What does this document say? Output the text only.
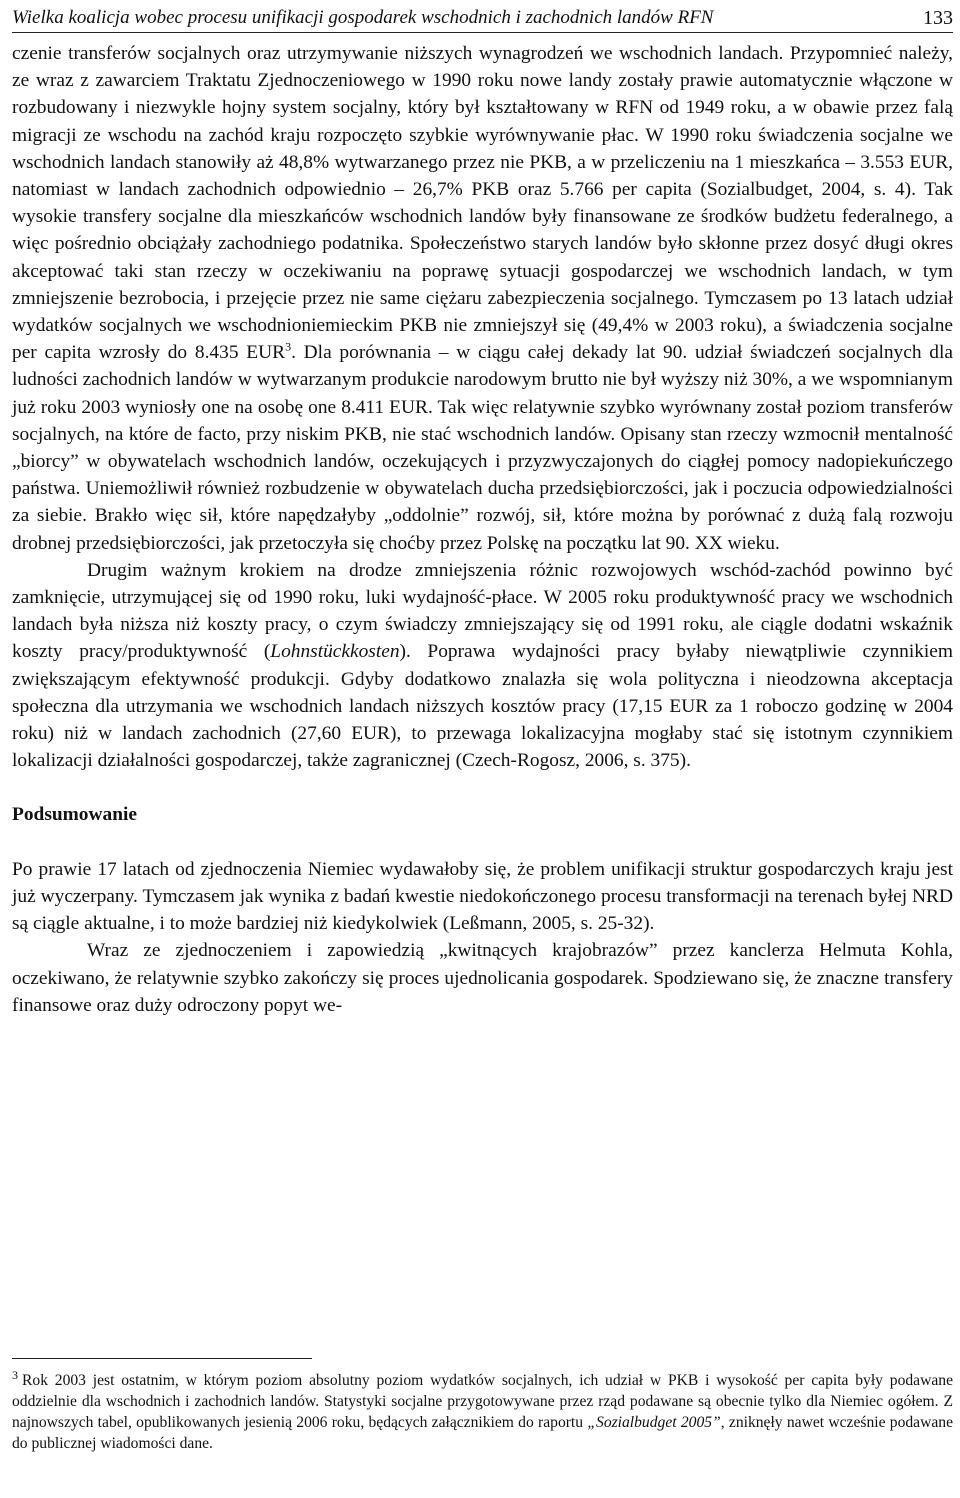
Wielka koalicja wobec procesu unifikacji gospodarek wschodnich i zachodnich landów RFN	133

czenie transferów socjalnych oraz utrzymywanie niższych wynagrodzeń we wschodnich landach. Przypomnieć należy, ze wraz z zawarciem Traktatu Zjednoczeniowego w 1990 roku nowe landy zostały prawie automatycznie włączone w rozbudowany i niezwykle hojny system socjalny, który był kształtowany w RFN od 1949 roku, a w obawie przez falą migracji ze wschodu na zachód kraju rozpoczęto szybkie wyrównywanie płac. W 1990 roku świadczenia socjalne we wschodnich landach stanowiły aż 48,8% wytwarzanego przez nie PKB, a w przeliczeniu na 1 mieszkańca – 3.553 EUR, natomiast w landach zachodnich odpowiednio – 26,7% PKB oraz 5.766 per capita (Sozialbudget, 2004, s. 4). Tak wysokie transfery socjalne dla mieszkańców wschodnich landów były finansowane ze środków budżetu federalnego, a więc pośrednio obciążały zachodniego podatnika. Społeczeństwo starych landów było skłonne przez dosyć długi okres akceptować taki stan rzeczy w oczekiwaniu na poprawę sytuacji gospodarczej we wschodnich landach, w tym zmniejszenie bezrobocia, i przejęcie przez nie same ciężaru zabezpieczenia socjalnego. Tymczasem po 13 latach udział wydatków socjalnych we wschodnioniemieckim PKB nie zmniejszył się (49,4% w 2003 roku), a świadczenia socjalne per capita wzrosły do 8.435 EUR$^3$. Dla porównania – w ciągu całej dekady lat 90. udział świadczeń socjalnych dla ludności zachodnich landów w wytwarzanym produkcie narodowym brutto nie był wyższy niż 30%, a we wspomnianym już roku 2003 wyniosły one na osobę one 8.411 EUR. Tak więc relatywnie szybko wyrównany został poziom transferów socjalnych, na które de facto, przy niskim PKB, nie stać wschodnich landów. Opisany stan rzeczy wzmocnił mentalność „biorcy” w obywatelach wschodnich landów, oczekujących i przyzwyczajonych do ciągłej pomocy nadopiekuńczego państwa. Uniemożliwił również rozbudzenie w obywatelach ducha przedsiębiorczości, jak i poczucia odpowiedzialności za siebie. Brakło więc sił, które napędzałyby „oddolnie” rozwój, sił, które można by porównać z dużą falą rozwoju drobnej przedsiębiorczości, jak przetoczyła się choćby przez Polskę na początku lat 90. XX wieku.

Drugim ważnym krokiem na drodze zmniejszenia różnic rozwojowych wschód-zachód powinno być zamknięcie, utrzymującej się od 1990 roku, luki wydajność-płace. W 2005 roku produktywność pracy we wschodnich landach była niższa niż koszty pracy, o czym świadczy zmniejszający się od 1991 roku, ale ciągle dodatni wskaźnik koszty pracy/produktywność (Lohnstückkosten). Poprawa wydajności pracy byłaby niewątpliwie czynnikiem zwiększającym efektywność produkcji. Gdyby dodatkowo znalazła się wola polityczna i nieodzowna akceptacja społeczna dla utrzymania we wschodnich landach niższych kosztów pracy (17,15 EUR za 1 roboczo godzinę w 2004 roku) niż w landach zachodnich (27,60 EUR), to przewaga lokalizacyjna mogłaby stać się istotnym czynnikiem lokalizacji działalności gospodarczej, także zagranicznej (Czech-Rogosz, 2006, s. 375).

Podsumowanie

Po prawie 17 latach od zjednoczenia Niemiec wydawałoby się, że problem unifikacji struktur gospodarczych kraju jest już wyczerpany. Tymczasem jak wynika z badań kwestie niedokończonego procesu transformacji na terenach byłej NRD są ciągle aktualne, i to może bardziej niż kiedykolwiek (Leßmann, 2005, s. 25-32).

Wraz ze zjednoczeniem i zapowiedzią „kwitnących krajobrazów” przez kanclerza Helmuta Kohla, oczekiwano, że relatywnie szybko zakończy się proces ujednolicania gospodarek. Spodziewano się, że znaczne transfery finansowe oraz duży odroczony popyt we-

$^3$ Rok 2003 jest ostatnim, w którym poziom absolutny poziom wydatków socjalnych, ich udział w PKB i wysokość per capita były podawane oddzielnie dla wschodnich i zachodnich landów. Statystyki socjalne przygotowywane przez rząd podawane są obecnie tylko dla Niemiec ogółem. Z najnowszych tabel, opublikowanych jesienią 2006 roku, będących załącznikiem do raportu „Sozialbudget 2005”, zniknęły nawet wcześnie podawane do publicznej wiadomości dane.
